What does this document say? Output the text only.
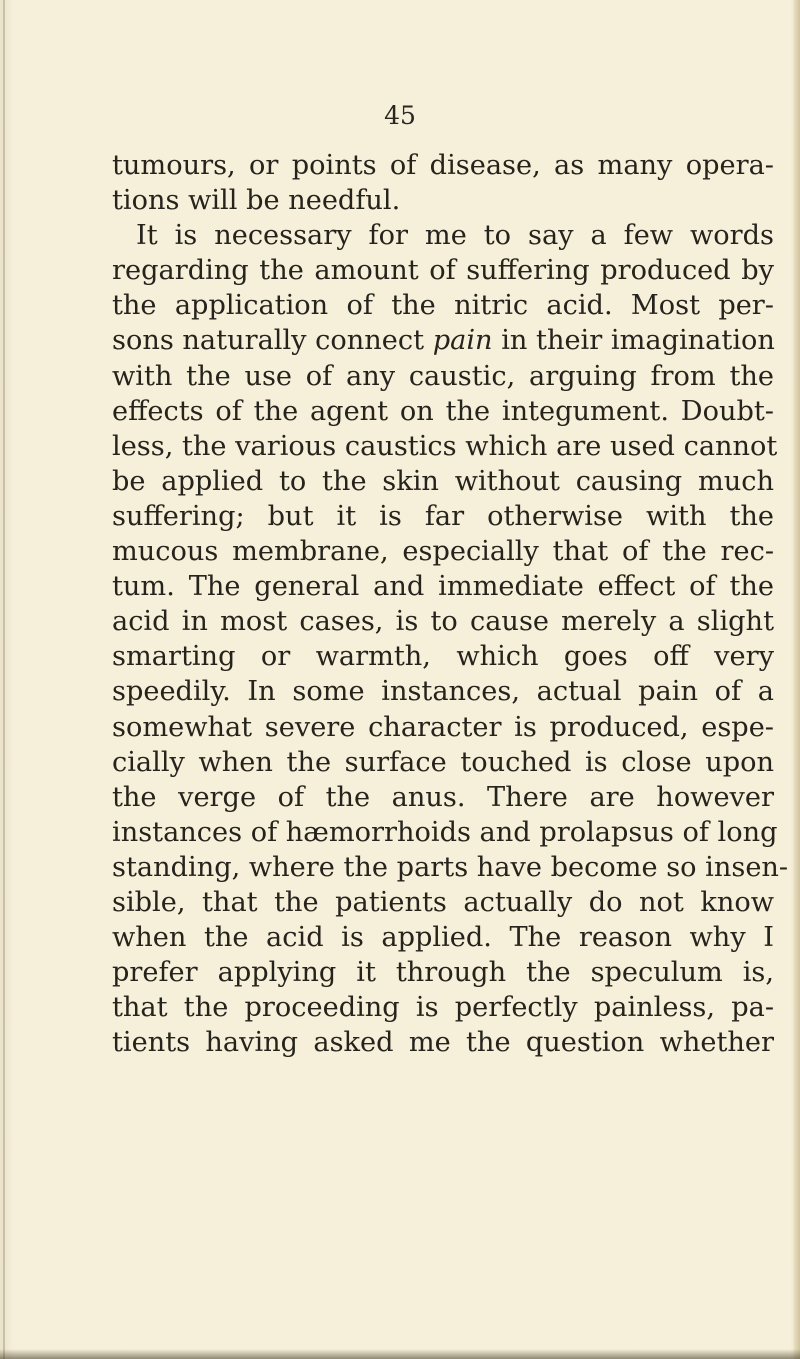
45

tumours, or points of disease, as many opera-
tions will be needful.
It is necessary for me to say a few words
regarding the amount of suffering produced by
the application of the nitric acid. Most per-
sons naturally connect pain in their imagination
with the use of any caustic, arguing from the
effects of the agent on the integument. Doubt-
less, the various caustics which are used cannot
be applied to the skin without causing much
suffering; but it is far otherwise with the
mucous membrane, especially that of the rec-
tum. The general and immediate effect of the
acid in most cases, is to cause merely a slight
smarting or warmth, which goes off very
speedily. In some instances, actual pain of a
somewhat severe character is produced, espe-
cially when the surface touched is close upon
the verge of the anus. There are however
instances of hæmorrhoids and prolapsus of long
standing, where the parts have become so insen-
sible, that the patients actually do not know
when the acid is applied. The reason why I
prefer applying it through the speculum is,
that the proceeding is perfectly painless, pa-
tients having asked me the question whether
